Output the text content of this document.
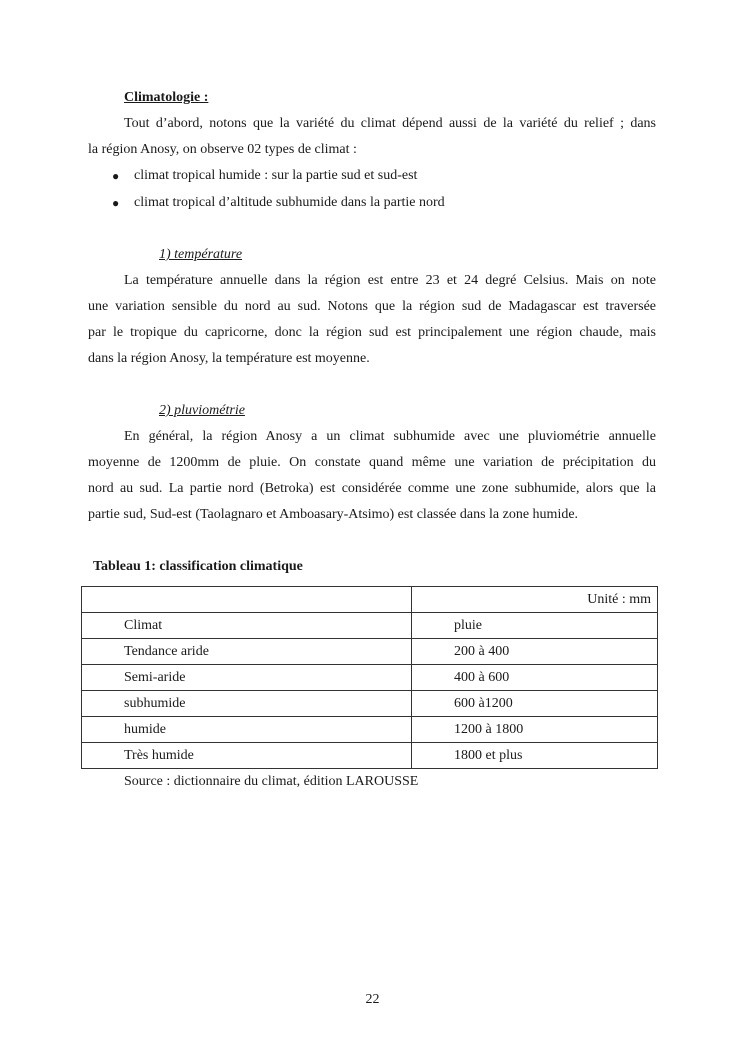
Climatologie :
Tout d’abord, notons que la variété du climat dépend aussi de la variété du relief ; dans
la région Anosy, on observe 02 types de climat :
● climat tropical humide : sur la partie sud et sud-est
● climat tropical d’altitude subhumide dans la partie nord
1) température
La température annuelle dans la région est entre 23 et 24 degré Celsius. Mais on note
une variation sensible du nord au sud. Notons que la région sud de Madagascar est traversée
par le tropique du capricorne, donc la région sud est principalement une région chaude, mais
dans la région Anosy, la température est moyenne.
2) pluviométrie
En général, la région Anosy a un climat subhumide avec une pluviométrie annuelle
moyenne de 1200mm de pluie. On constate quand même une variation de précipitation du
nord au sud. La partie nord (Betroka) est considérée comme une zone subhumide, alors que la
partie sud, Sud-est (Taolagnaro et Amboasary-Atsimo) est classée dans la zone humide.
Tableau 1: classification climatique
	Unité : mm
Climat	pluie
Tendance aride	200 à 400
Semi-aride	400 à 600
subhumide	600 à1200
humide	1200 à 1800
Très humide	1800 et plus
Source : dictionnaire du climat, édition LAROUSSE
22
